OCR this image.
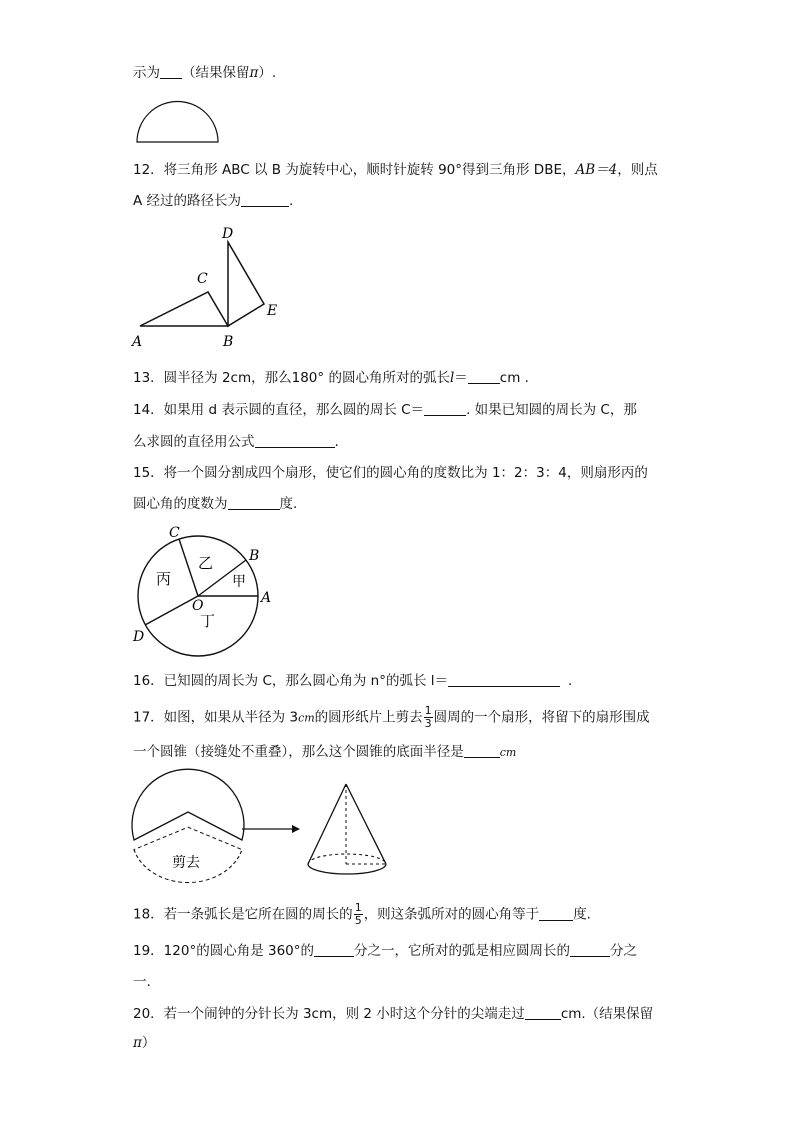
示为 （结果保留π）.
12．将三角形 ABC 以 B 为旋转中心，顺时针旋转 90°得到三角形 DBE，AB＝4，则点
A 经过的路径长为	.
D
C
E
A	B
13．圆半径为 2cm，那么180° 的圆心角所对的弧长l＝ cm .
14．如果用 d 表示圆的直径，那么圆的周长 C＝	. 如果已知圆的周长为 C，那
么求圆的直径用公式	.
15．将一个圆分割成四个扇形，使它们的圆心角的度数比为 1：2：3：4，则扇形丙的
圆心角的度数为	度.
C
B
A
D
O
乙
甲
丙
丁
16．已知圆的周长为 C，那么圆心角为 n°的弧长 l＝	.
17．如图，如果从半径为 3cm的圆形纸片上剪去 $\frac{1}{3}$ 圆周的一个扇形，将留下的扇形围成
一个圆锥（接缝处不重叠），那么这个圆锥的底面半径是	cm
剪去
18．若一条弧长是它所在圆的周长的 $\frac{1}{5}$ ，则这条弧所对的圆心角等于	度.
19．120°的圆心角是 360°的	分之一，它所对的弧是相应圆周长的	分之
一.
20．若一个闹钟的分针长为 3cm，则 2 小时这个分针的尖端走过	cm.（结果保留
π）
